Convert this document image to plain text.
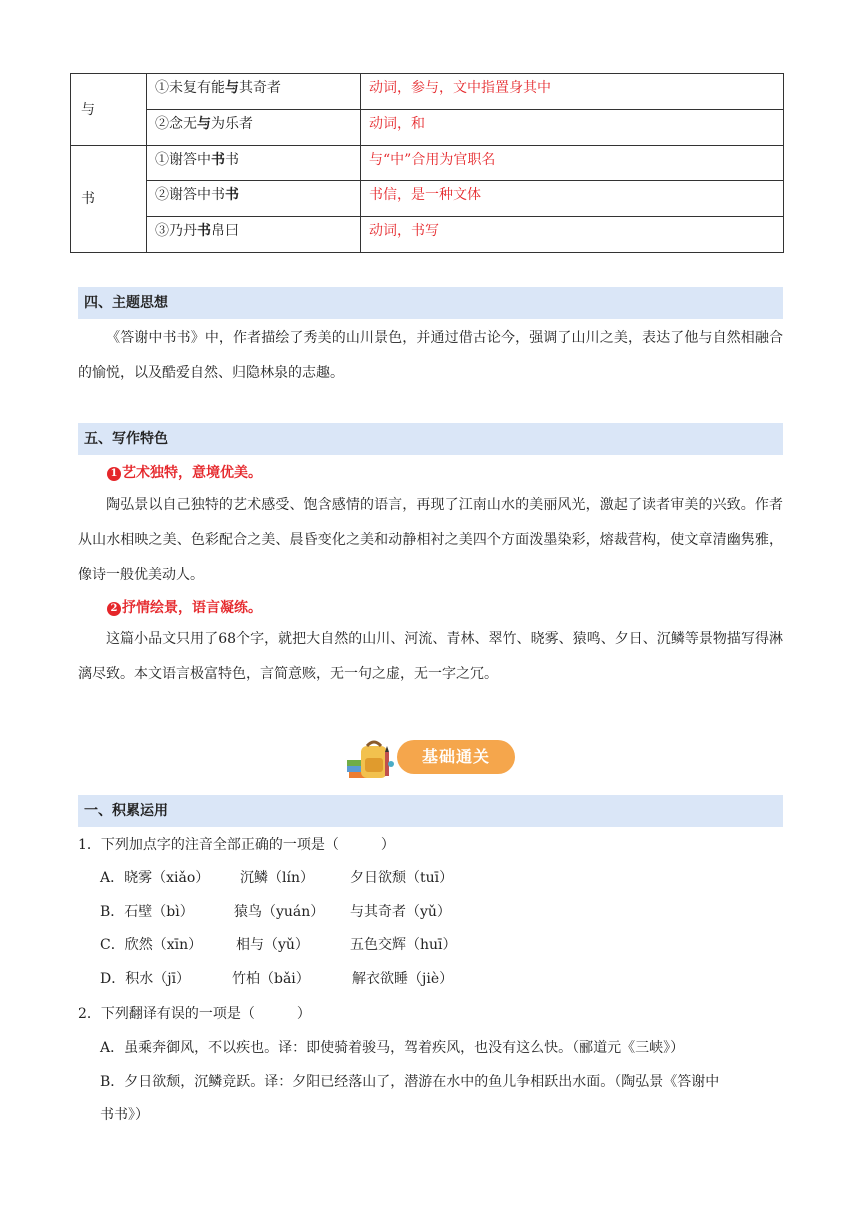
与	①未复有能与其奇者	动词，参与，文中指置身其中
	②念无与为乐者	动词，和
书	①谢答中书书	与“中”合用为官职名
	②谢答中书书	书信，是一种文体
	③乃丹书帛曰	动词，书写
四、主题思想
《答谢中书书》中，作者描绘了秀美的山川景色，并通过借古论今，强调了山川之美，表达了他与自然相融合的愉悦，以及酷爱自然、归隐林泉的志趣。
五、写作特色
1 艺术独特，意境优美。
陶弘景以自己独特的艺术感受、饱含感情的语言，再现了江南山水的美丽风光，激起了读者审美的兴致。作者从山水相映之美、色彩配合之美、晨昏变化之美和动静相衬之美四个方面泼墨染彩，熔裁营构，使文章清幽隽雅，像诗一般优美动人。
2 抒情绘景，语言凝练。
这篇小品文只用了68个字，就把大自然的山川、河流、青林、翠竹、晓雾、猿鸣、夕日、沉鳞等景物描写得淋漓尽致。本文语言极富特色，言简意赅，无一句之虚，无一字之冗。
基础通关
一、积累运用
1．下列加点字的注音全部正确的一项是（　　　）
A．晓雾（xiǎo） 沉鳞（lín）	夕日欲颓（tuī）
B．石壁（bì）	猿鸟（yuán） 与其奇者（yǔ）
C．欣然（xīn） 相与（yǔ）	五色交辉（huī）
D．积水（jī）	竹柏（bǎi）	解衣欲睡（jiè）
2．下列翻译有误的一项是（　　　）
A．虽乘奔御风，不以疾也。译：即使骑着骏马，驾着疾风，也没有这么快。（郦道元《三峡》）
B．夕日欲颓，沉鳞竞跃。译：夕阳已经落山了，潜游在水中的鱼儿争相跃出水面。（陶弘景《答谢中
书书》）
